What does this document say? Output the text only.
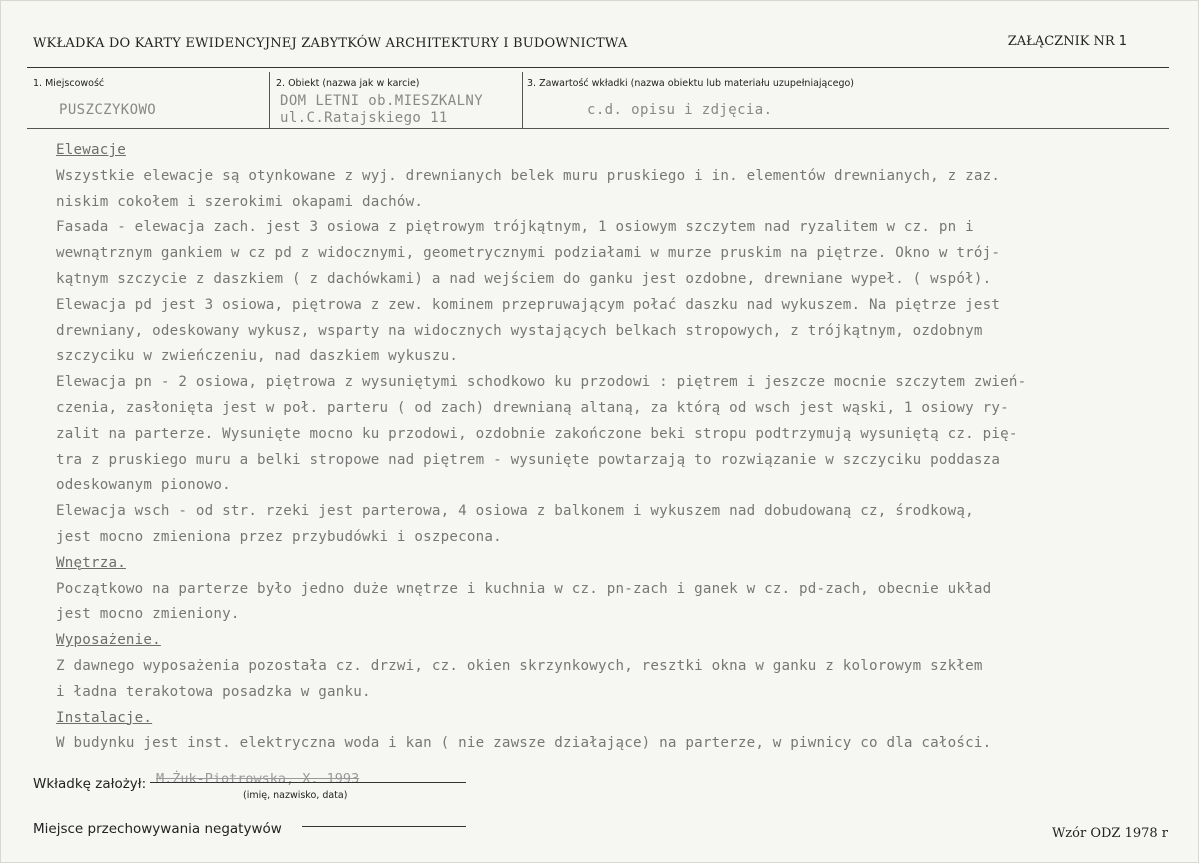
WKŁADKA DO KARTY EWIDENCYJNEJ ZABYTKÓW ARCHITEKTURY I BUDOWNICTWA	ZAŁĄCZNIK NR 1
1. Miejscowość
PUSZCZYKOWO
2. Obiekt (nazwa jak w karcie)
DOM LETNI ob.MIESZKALNY
ul.C.Ratajskiego 11
3. Zawartość wkładki (nazwa obiektu lub materiału uzupełniającego)
c.d. opisu i zdjęcia.
Elewacje
Wszystkie elewacje są otynkowane z wyj. drewnianych belek muru pruskiego i in. elementów drewnianych, z zaz.
niskim cokołem i szerokimi okapami dachów.
Fasada - elewacja zach. jest 3 osiowa z piętrowym trójkątnym, 1 osiowym szczytem nad ryzalitem w cz. pn i
wewnątrznym gankiem w cz pd z widocznymi, geometrycznymi podziałami w murze pruskim na piętrze. Okno w trój-
kątnym szczycie z daszkiem ( z dachówkami) a nad wejściem do ganku jest ozdobne, drewniane wypeł. ( współ).
Elewacja pd jest 3 osiowa, piętrowa z zew. kominem przepruwającym połać daszku nad wykuszem. Na piętrze jest
drewniany, odeskowany wykusz, wsparty na widocznych wystających belkach stropowych, z trójkątnym, ozdobnym
szczyciku w zwieńczeniu, nad daszkiem wykuszu.
Elewacja pn - 2 osiowa, piętrowa z wysuniętymi schodkowo ku przodowi : piętrem i jeszcze mocnie szczytem zwień-
czenia, zasłonięta jest w poł. parteru ( od zach) drewnianą altaną, za którą od wsch jest wąski, 1 osiowy ry-
zalit na parterze. Wysunięte mocno ku przodowi, ozdobnie zakończone beki stropu podtrzymują wysuniętą cz. pię-
tra z pruskiego muru a belki stropowe nad piętrem - wysunięte powtarzają to rozwiązanie w szczyciku poddasza
odeskowanym pionowo.
Elewacja wsch - od str. rzeki jest parterowa, 4 osiowa z balkonem i wykuszem nad dobudowaną cz, środkową,
jest mocno zmieniona przez przybudówki i oszpecona.
Wnętrza.
Początkowo na parterze było jedno duże wnętrze i kuchnia w cz. pn-zach i ganek w cz. pd-zach, obecnie układ
jest mocno zmieniony.
Wyposażenie.
Z dawnego wyposażenia pozostała cz. drzwi, cz. okien skrzynkowych, resztki okna w ganku z kolorowym szkłem
i ładna terakotowa posadzka w ganku.
Instalacje.
W budynku jest inst. elektryczna woda i kan ( nie zawsze działające) na parterze, w piwnicy co dla całości.
Wkładkę założył: M.Żuk-Piotrowska, X. 1993
(imię, nazwisko, data)
Miejsce przechowywania negatywów	Wzór ODZ 1978 r
